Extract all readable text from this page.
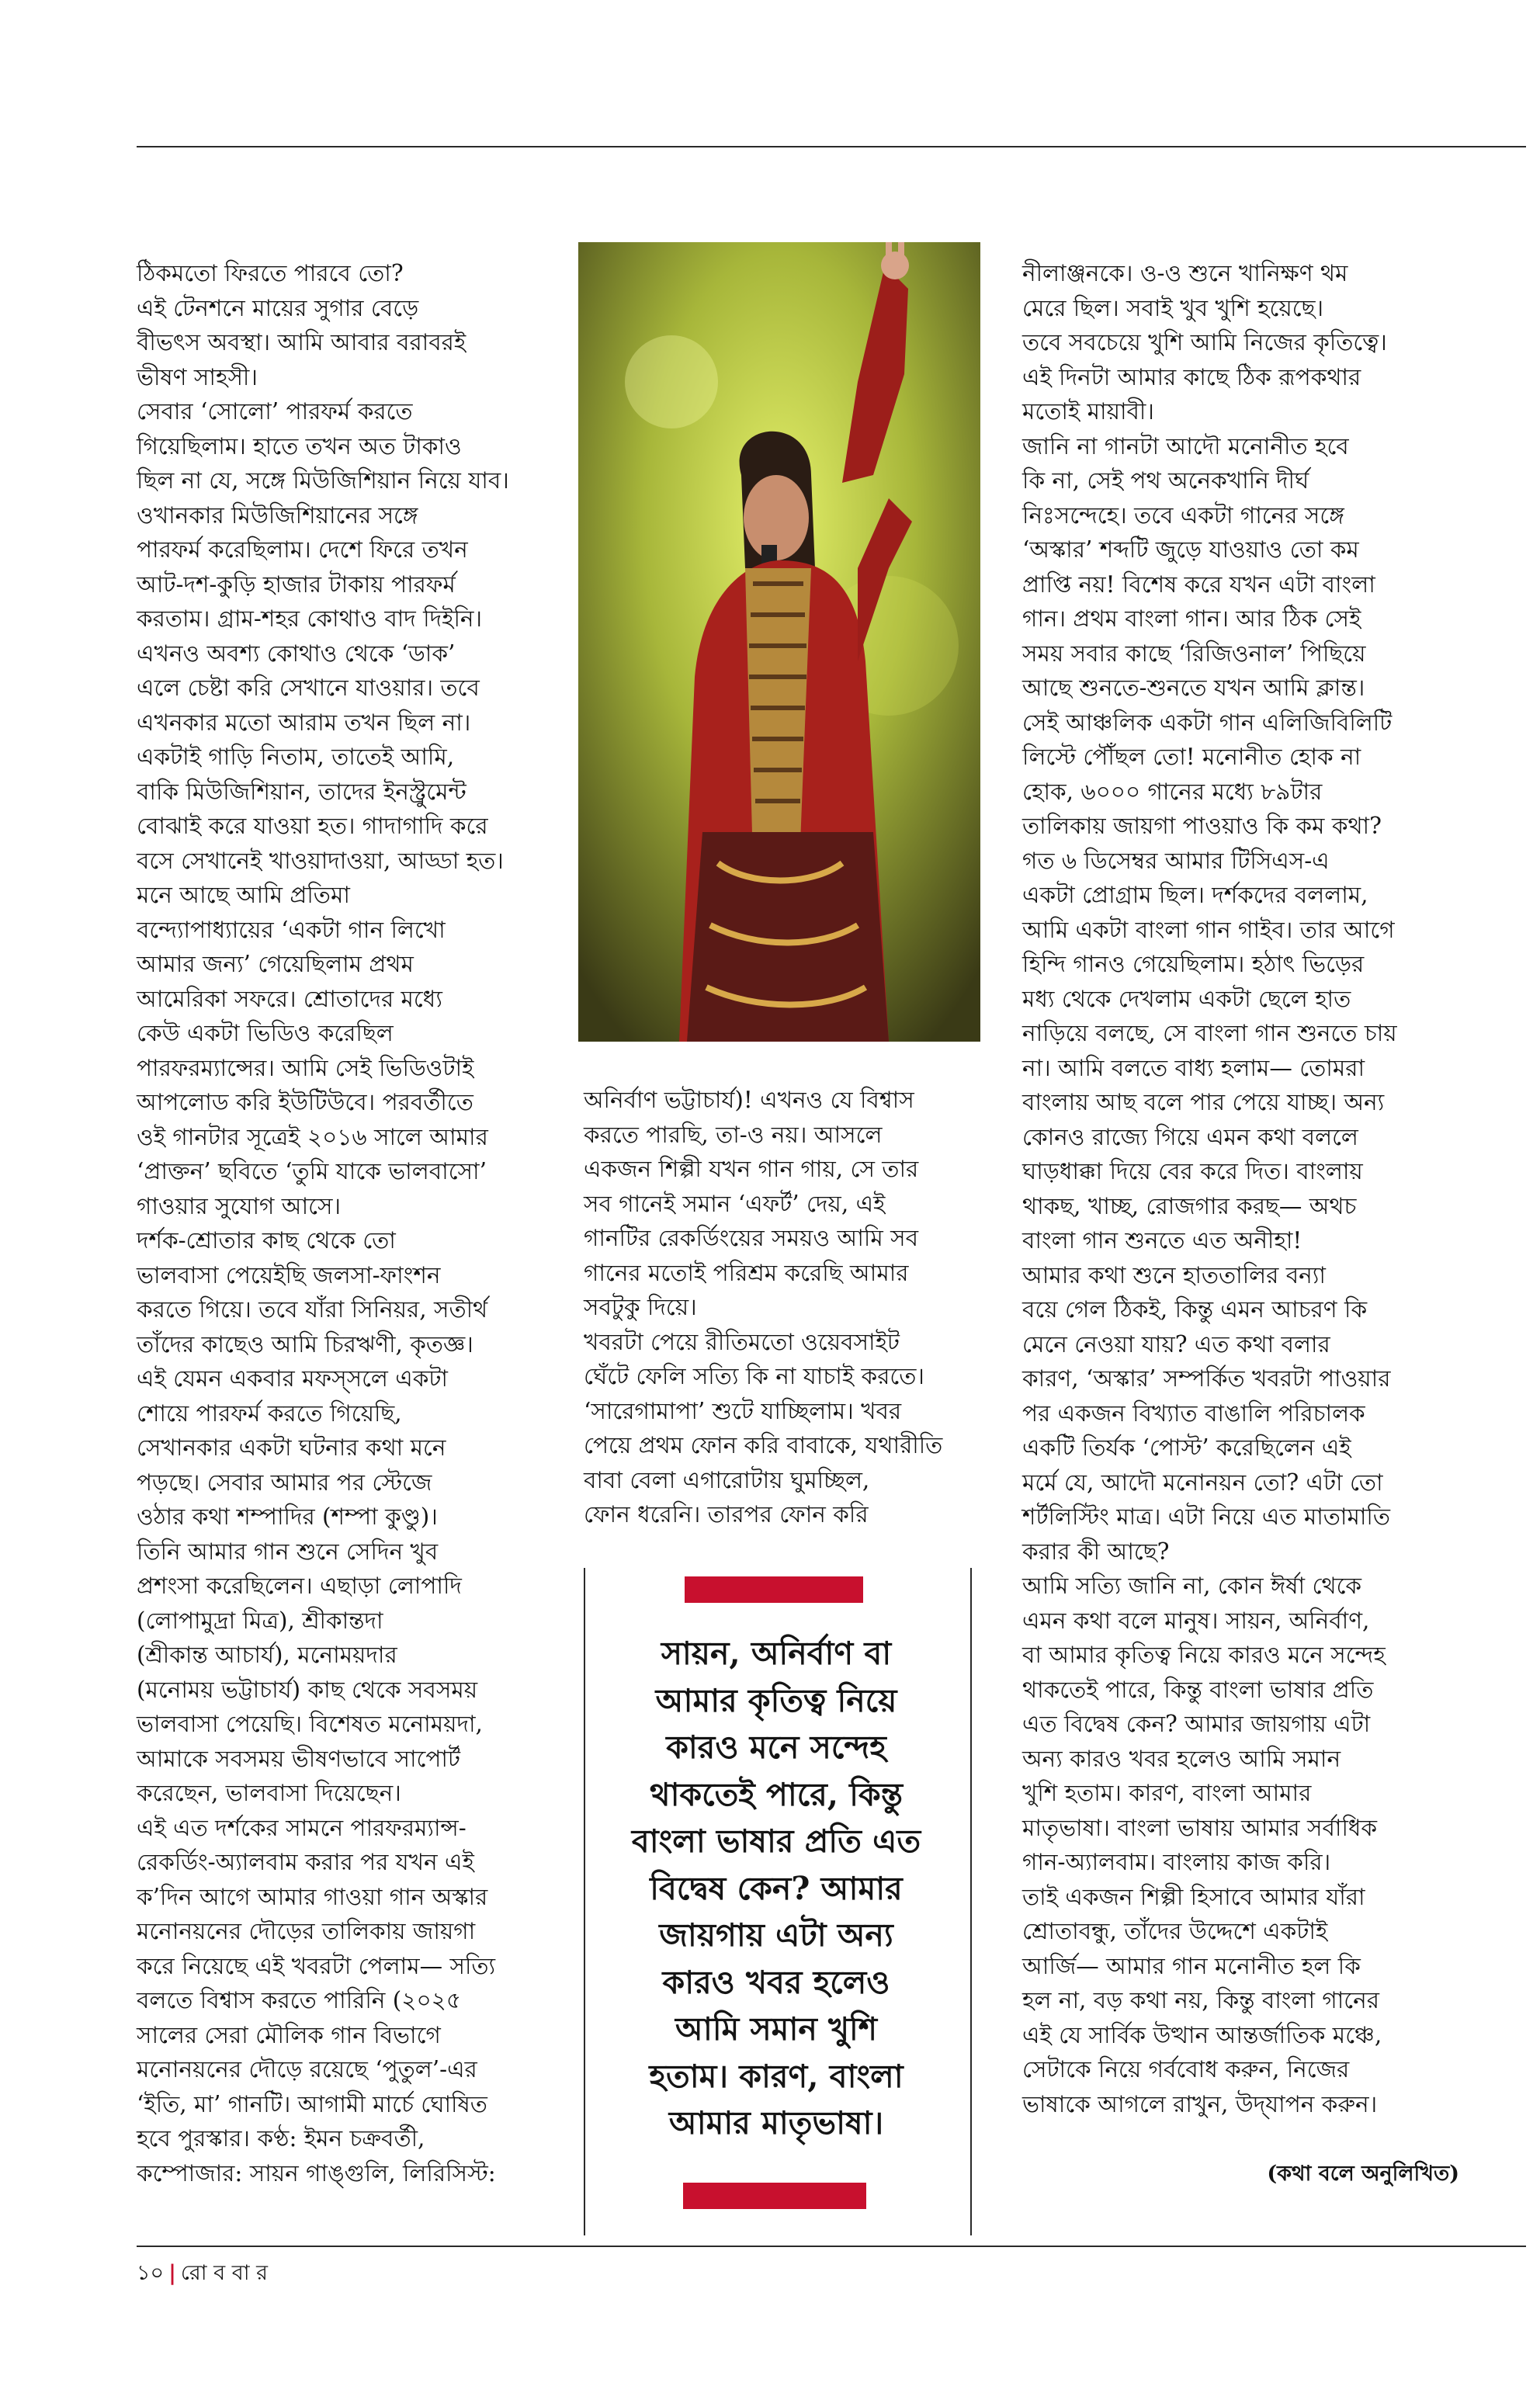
ঠিকমতো ফিরতে পারবে তো?
এই টেনশনে মায়ের সুগার বেড়ে
বীভৎস অবস্থা। আমি আবার বরাবরই
ভীষণ সাহসী।
সেবার ‘সোলো’ পারফর্ম করতে
গিয়েছিলাম। হাতে তখন অত টাকাও
ছিল না যে, সঙ্গে মিউজিশিয়ান নিয়ে যাব।
ওখানকার মিউজিশিয়ানের সঙ্গে
পারফর্ম করেছিলাম। দেশে ফিরে তখন
আট-দশ-কুড়ি হাজার টাকায় পারফর্ম
করতাম। গ্রাম-শহর কোথাও বাদ দিইনি।
এখনও অবশ্য কোথাও থেকে ‘ডাক’
এলে চেষ্টা করি সেখানে যাওয়ার। তবে
এখনকার মতো আরাম তখন ছিল না।
একটাই গাড়ি নিতাম, তাতেই আমি,
বাকি মিউজিশিয়ান, তাদের ইনস্ট্রুমেন্ট
বোঝাই করে যাওয়া হত। গাদাগাদি করে
বসে সেখানেই খাওয়াদাওয়া, আড্ডা হত।
মনে আছে আমি প্রতিমা
বন্দ্যোপাধ্যায়ের ‘একটা গান লিখো
আমার জন্য’ গেয়েছিলাম প্রথম
আমেরিকা সফরে। শ্রোতাদের মধ্যে
কেউ একটা ভিডিও করেছিল
পারফরম্যান্সের। আমি সেই ভিডিওটাই
আপলোড করি ইউটিউবে। পরবর্তীতে
ওই গানটার সূত্রেই ২০১৬ সালে আমার
‘প্রাক্তন’ ছবিতে ‘তুমি যাকে ভালবাসো’
গাওয়ার সুযোগ আসে।
দর্শক-শ্রোতার কাছ থেকে তো
ভালবাসা পেয়েইছি জলসা-ফাংশন
করতে গিয়ে। তবে যাঁরা সিনিয়র, সতীর্থ
তাঁদের কাছেও আমি চিরঋণী, কৃতজ্ঞ।
এই যেমন একবার মফস্‌সলে একটা
শোয়ে পারফর্ম করতে গিয়েছি,
সেখানকার একটা ঘটনার কথা মনে
পড়ছে। সেবার আমার পর স্টেজে
ওঠার কথা শম্পাদির (শম্পা কুণ্ডু)।
তিনি আমার গান শুনে সেদিন খুব
প্রশংসা করেছিলেন। এছাড়া লোপাদি
(লোপামুদ্রা মিত্র), শ্রীকান্তদা
(শ্রীকান্ত আচার্য), মনোময়দার
(মনোময় ভট্টাচার্য) কাছ থেকে সবসময়
ভালবাসা পেয়েছি। বিশেষত মনোময়দা,
আমাকে সবসময় ভীষণভাবে সাপোর্ট
করেছেন, ভালবাসা দিয়েছেন।
এই এত দর্শকের সামনে পারফরম্যান্স-
রেকর্ডিং-অ্যালবাম করার পর যখন এই
ক’দিন আগে আমার গাওয়া গান অস্কার
মনোনয়নের দৌড়ের তালিকায় জায়গা
করে নিয়েছে এই খবরটা পেলাম— সত্যি
বলতে বিশ্বাস করতে পারিনি (২০২৫
সালের সেরা মৌলিক গান বিভাগে
মনোনয়নের দৌড়ে রয়েছে ‘পুতুল’-এর
‘ইতি, মা’ গানটি। আগামী মার্চে ঘোষিত
হবে পুরস্কার। কণ্ঠ: ইমন চক্রবর্তী,
কম্পোজার: সায়ন গাঙ্গুলি, লিরিসিস্ট:
অনির্বাণ ভট্টাচার্য)! এখনও যে বিশ্বাস
করতে পারছি, তা-ও নয়। আসলে
একজন শিল্পী যখন গান গায়, সে তার
সব গানেই সমান ‘এফর্ট’ দেয়, এই
গানটির রেকর্ডিংয়ের সময়ও আমি সব
গানের মতোই পরিশ্রম করেছি আমার
সবটুকু দিয়ে।
খবরটা পেয়ে রীতিমতো ওয়েবসাইট
ঘেঁটে ফেলি সত্যি কি না যাচাই করতে।
‘সারেগামাপা’ শুটে যাচ্ছিলাম। খবর
পেয়ে প্রথম ফোন করি বাবাকে, যথারীতি
বাবা বেলা এগারোটায় ঘুমচ্ছিল,
ফোন ধরেনি। তারপর ফোন করি
নীলাঞ্জনকে। ও-ও শুনে খানিক্ষণ থম
মেরে ছিল। সবাই খুব খুশি হয়েছে।
তবে সবচেয়ে খুশি আমি নিজের কৃতিত্বে।
এই দিনটা আমার কাছে ঠিক রূপকথার
মতোই মায়াবী।
জানি না গানটা আদৌ মনোনীত হবে
কি না, সেই পথ অনেকখানি দীর্ঘ
নিঃসন্দেহে। তবে একটা গানের সঙ্গে
‘অস্কার’ শব্দটি জুড়ে যাওয়াও তো কম
প্রাপ্তি নয়! বিশেষ করে যখন এটা বাংলা
গান। প্রথম বাংলা গান। আর ঠিক সেই
সময় সবার কাছে ‘রিজিওনাল’ পিছিয়ে
আছে শুনতে-শুনতে যখন আমি ক্লান্ত।
সেই আঞ্চলিক একটা গান এলিজিবিলিটি
লিস্টে পৌঁছল তো! মনোনীত হোক না
হোক, ৬০০০ গানের মধ্যে ৮৯টার
তালিকায় জায়গা পাওয়াও কি কম কথা?
গত ৬ ডিসেম্বর আমার টিসিএস-এ
একটা প্রোগ্রাম ছিল। দর্শকদের বললাম,
আমি একটা বাংলা গান গাইব। তার আগে
হিন্দি গানও গেয়েছিলাম। হঠাৎ ভিড়ের
মধ্য থেকে দেখলাম একটা ছেলে হাত
নাড়িয়ে বলছে, সে বাংলা গান শুনতে চায়
না। আমি বলতে বাধ্য হলাম— তোমরা
বাংলায় আছ বলে পার পেয়ে যাচ্ছ। অন্য
কোনও রাজ্যে গিয়ে এমন কথা বললে
ঘাড়ধাক্কা দিয়ে বের করে দিত। বাংলায়
থাকছ, খাচ্ছ, রোজগার করছ— অথচ
বাংলা গান শুনতে এত অনীহা!
আমার কথা শুনে হাততালির বন্যা
বয়ে গেল ঠিকই, কিন্তু এমন আচরণ কি
মেনে নেওয়া যায়? এত কথা বলার
কারণ, ‘অস্কার’ সম্পর্কিত খবরটা পাওয়ার
পর একজন বিখ্যাত বাঙালি পরিচালক
একটি তির্যক ‘পোস্ট’ করেছিলেন এই
মর্মে যে, আদৌ মনোনয়ন তো? এটা তো
শর্টলিস্টিং মাত্র। এটা নিয়ে এত মাতামাতি
করার কী আছে?
আমি সত্যি জানি না, কোন ঈর্ষা থেকে
এমন কথা বলে মানুষ। সায়ন, অনির্বাণ,
বা আমার কৃতিত্ব নিয়ে কারও মনে সন্দেহ
থাকতেই পারে, কিন্তু বাংলা ভাষার প্রতি
এত বিদ্বেষ কেন? আমার জায়গায় এটা
অন্য কারও খবর হলেও আমি সমান
খুশি হতাম। কারণ, বাংলা আমার
মাতৃভাষা। বাংলা ভাষায় আমার সর্বাধিক
গান-অ্যালবাম। বাংলায় কাজ করি।
তাই একজন শিল্পী হিসাবে আমার যাঁরা
শ্রোতাবন্ধু, তাঁদের উদ্দেশে একটাই
আর্জি— আমার গান মনোনীত হল কি
হল না, বড় কথা নয়, কিন্তু বাংলা গানের
এই যে সার্বিক উত্থান আন্তর্জাতিক মঞ্চে,
সেটাকে নিয়ে গর্ববোধ করুন, নিজের
ভাষাকে আগলে রাখুন, উদ্‌যাপন করুন।
সায়ন, অনির্বাণ বা
আমার কৃতিত্ব নিয়ে
কারও মনে সন্দেহ
থাকতেই পারে, কিন্তু
বাংলা ভাষার প্রতি এত
বিদ্বেষ কেন? আমার
জায়গায় এটা অন্য
কারও খবর হলেও
আমি সমান খুশি
হতাম। কারণ, বাংলা
আমার মাতৃভাষা।
(কথা বলে অনুলিখিত)
১০ | রো ব বা র
